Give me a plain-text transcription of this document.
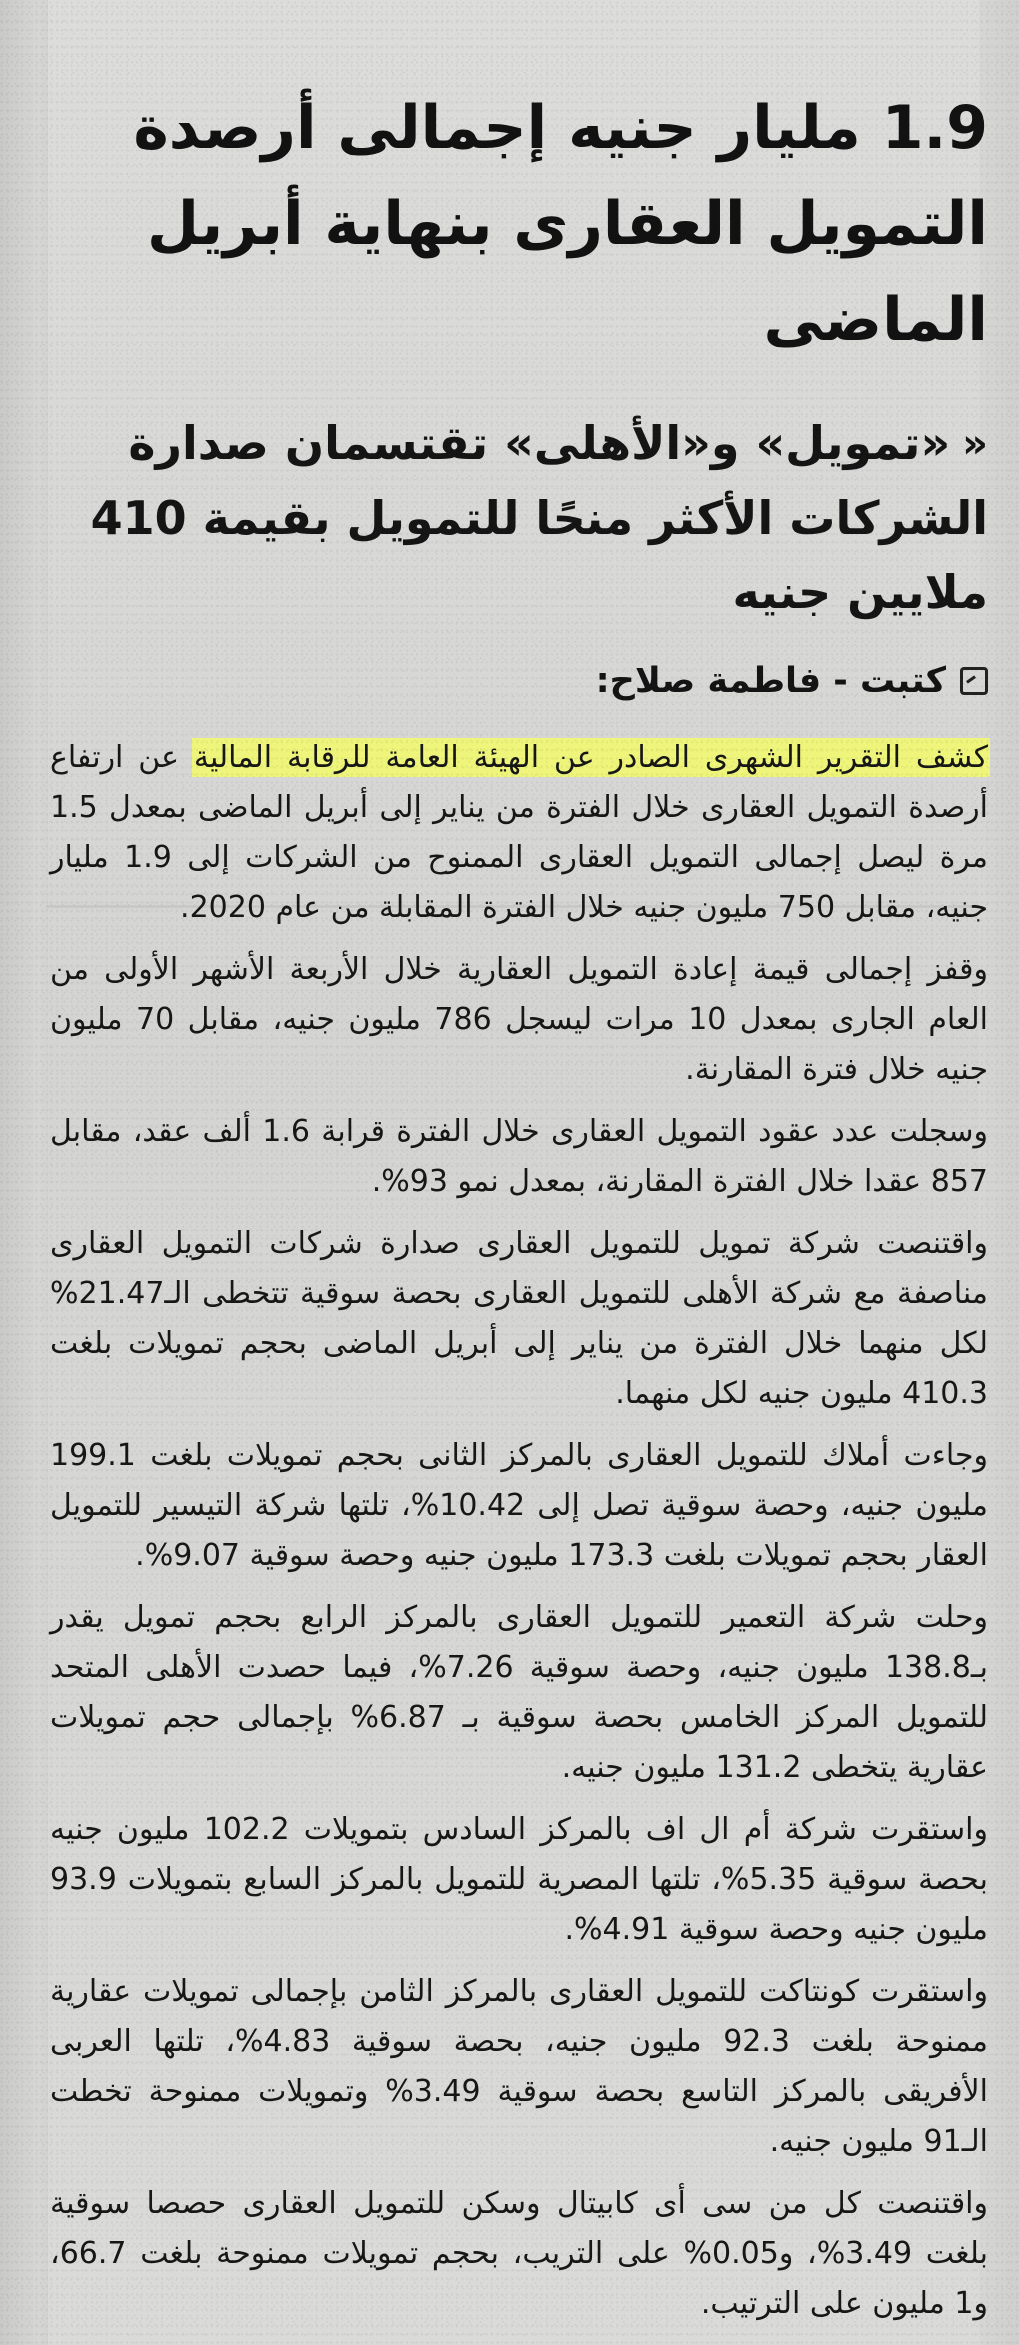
1.9 مليار جنيه إجمالى أرصدة التمويل العقارى بنهاية أبريل الماضى
««تمويل» و«الأهلى» تقتسمان صدارة الشركات الأكثر منحًا للتمويل بقيمة 410 ملايين جنيه
كتبت - فاطمة صلاح:

كشف التقرير الشهرى الصادر عن الهيئة العامة للرقابة المالية عن ارتفاع أرصدة التمويل العقارى خلال الفترة من يناير إلى أبريل الماضى بمعدل 1.5 مرة ليصل إجمالى التمويل العقارى الممنوح من الشركات إلى 1.9 مليار جنيه، مقابل 750 مليون جنيه خلال الفترة المقابلة من عام 2020.

وقفز إجمالى قيمة إعادة التمويل العقارية خلال الأربعة الأشهر الأولى من العام الجارى بمعدل 10 مرات ليسجل 786 مليون جنيه، مقابل 70 مليون جنيه خلال فترة المقارنة.

وسجلت عدد عقود التمويل العقارى خلال الفترة قرابة 1.6 ألف عقد، مقابل 857 عقدا خلال الفترة المقارنة، بمعدل نمو 93%.

واقتنصت شركة تمويل للتمويل العقارى صدارة شركات التمويل العقارى مناصفة مع شركة الأهلى للتمويل العقارى بحصة سوقية تتخطى الـ21.47% لكل منهما خلال الفترة من يناير إلى أبريل الماضى بحجم تمويلات بلغت 410.3 مليون جنيه لكل منهما.

وجاءت أملاك للتمويل العقارى بالمركز الثانى بحجم تمويلات بلغت 199.1 مليون جنيه، وحصة سوقية تصل إلى 10.42%، تلتها شركة التيسير للتمويل العقار بحجم تمويلات بلغت 173.3 مليون جنيه وحصة سوقية 9.07%.

وحلت شركة التعمير للتمويل العقارى بالمركز الرابع بحجم تمويل يقدر بـ138.8 مليون جنيه، وحصة سوقية 7.26%، فيما حصدت الأهلى المتحد للتمويل المركز الخامس بحصة سوقية بـ 6.87% بإجمالى حجم تمويلات عقارية يتخطى 131.2 مليون جنيه.

واستقرت شركة أم ال اف بالمركز السادس بتمويلات 102.2 مليون جنيه بحصة سوقية 5.35%، تلتها المصرية للتمويل بالمركز السابع بتمويلات 93.9 مليون جنيه وحصة سوقية 4.91%.

واستقرت كونتاكت للتمويل العقارى بالمركز الثامن بإجمالى تمويلات عقارية ممنوحة بلغت 92.3 مليون جنيه، بحصة سوقية 4.83%، تلتها العربى الأفريقى بالمركز التاسع بحصة سوقية 3.49% وتمويلات ممنوحة تخطت الـ91 مليون جنيه.

واقتنصت كل من سى أى كابيتال وسكن للتمويل العقارى حصصا سوقية بلغت 3.49%، و0.05% على التريب، بحجم تمويلات ممنوحة بلغت 66.7، و1 مليون على الترتيب.
